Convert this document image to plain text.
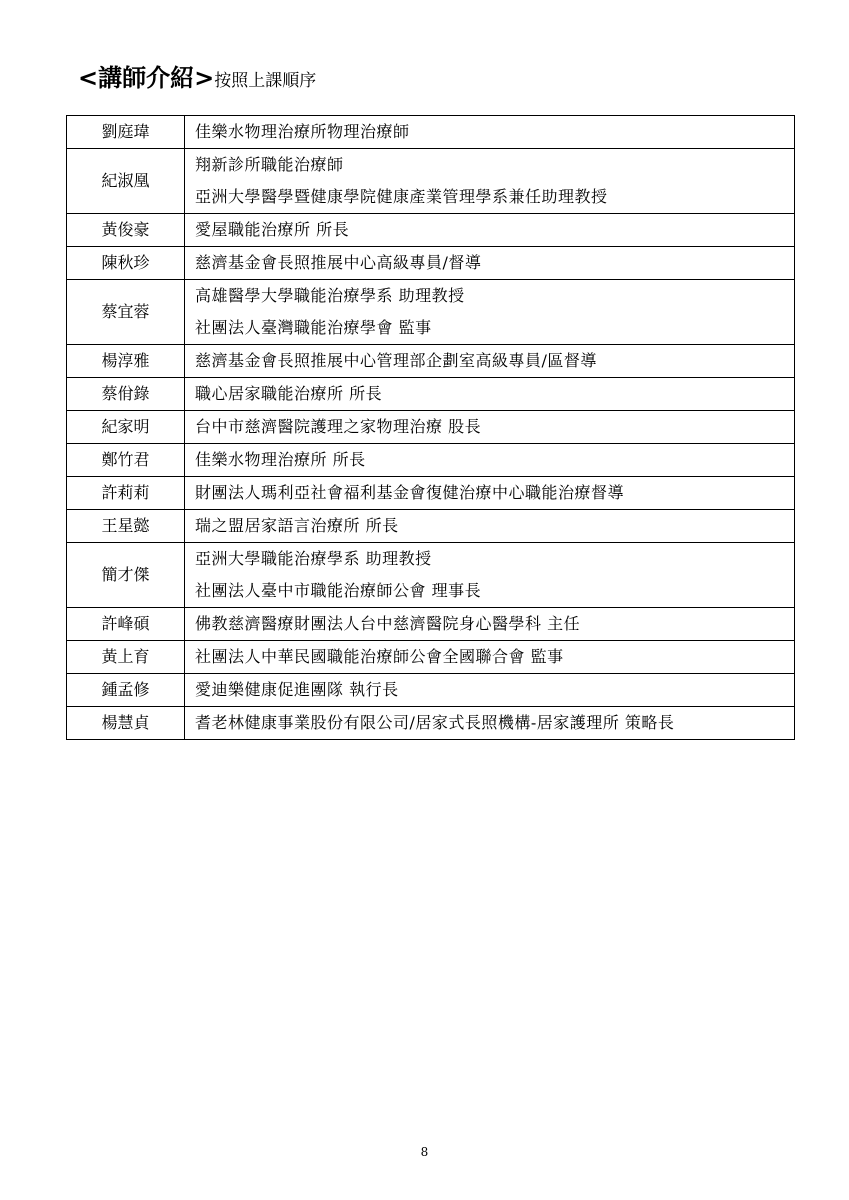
<講師介紹>按照上課順序
劉庭瑋	佳樂水物理治療所物理治療師

紀淑凰	翔新診所職能治療師
亞洲大學醫學暨健康學院健康產業管理學系兼任助理教授

黃俊豪	愛屋職能治療所 所長

陳秋珍	慈濟基金會長照推展中心高級專員/督導

蔡宜蓉	高雄醫學大學職能治療學系 助理教授
社團法人臺灣職能治療學會 監事

楊淳雅	慈濟基金會長照推展中心管理部企劃室高級專員/區督導

蔡佾錄	職心居家職能治療所 所長

紀家明	台中市慈濟醫院護理之家物理治療 股長

鄭竹君	佳樂水物理治療所 所長

許莉莉	財團法人瑪利亞社會福利基金會復健治療中心職能治療督導

王星懿	瑞之盟居家語言治療所 所長

簡才傑	亞洲大學職能治療學系 助理教授
社團法人臺中市職能治療師公會 理事長

許峰碩	佛教慈濟醫療財團法人台中慈濟醫院身心醫學科 主任

黃上育	社團法人中華民國職能治療師公會全國聯合會 監事

鍾孟修	愛迪樂健康促進團隊 執行長

楊慧貞	耆老林健康事業股份有限公司/居家式長照機構-居家護理所 策略長
8
